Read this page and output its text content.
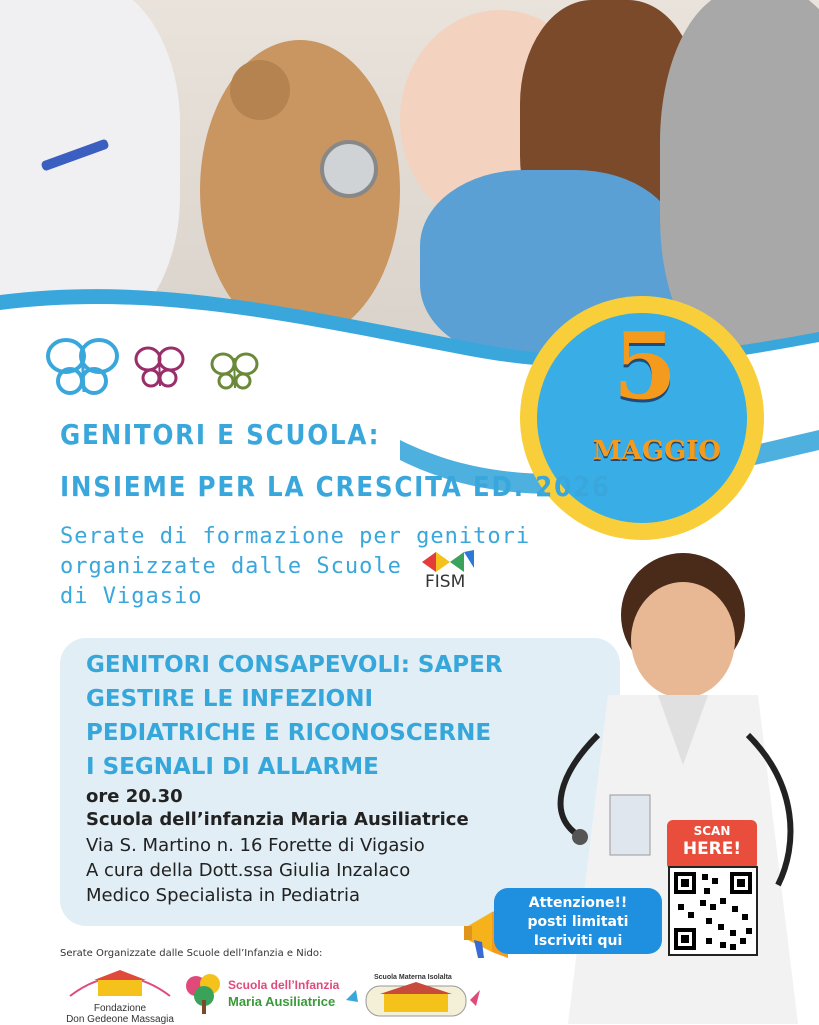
5
MAGGIO
GENITORI E SCUOLA:
INSIEME PER LA CRESCITA ED. 2026
Serate di formazione per genitori
organizzate dalle Scuole
di Vigasio
FISM
GENITORI CONSAPEVOLI: SAPER
GESTIRE LE INFEZIONI
PEDIATRICHE E RICONOSCERNE
I SEGNALI DI ALLARME
ore 20.30
Scuola dell’infanzia Maria Ausiliatrice
Via S. Martino n. 16 Forette di Vigasio
A cura della Dott.ssa Giulia Inzalaco
Medico Specialista in Pediatria	Attenzione!!
posti limitati
Iscriviti qui
SCAN
HERE!
Serate Organizzate dalle Scuole dell’Infanzia e Nido:
Fondazione
Don Gedeone Massagia
Scuola dell’Infanzia
Maria Ausiliatrice
Scuola Materna Isolalta
